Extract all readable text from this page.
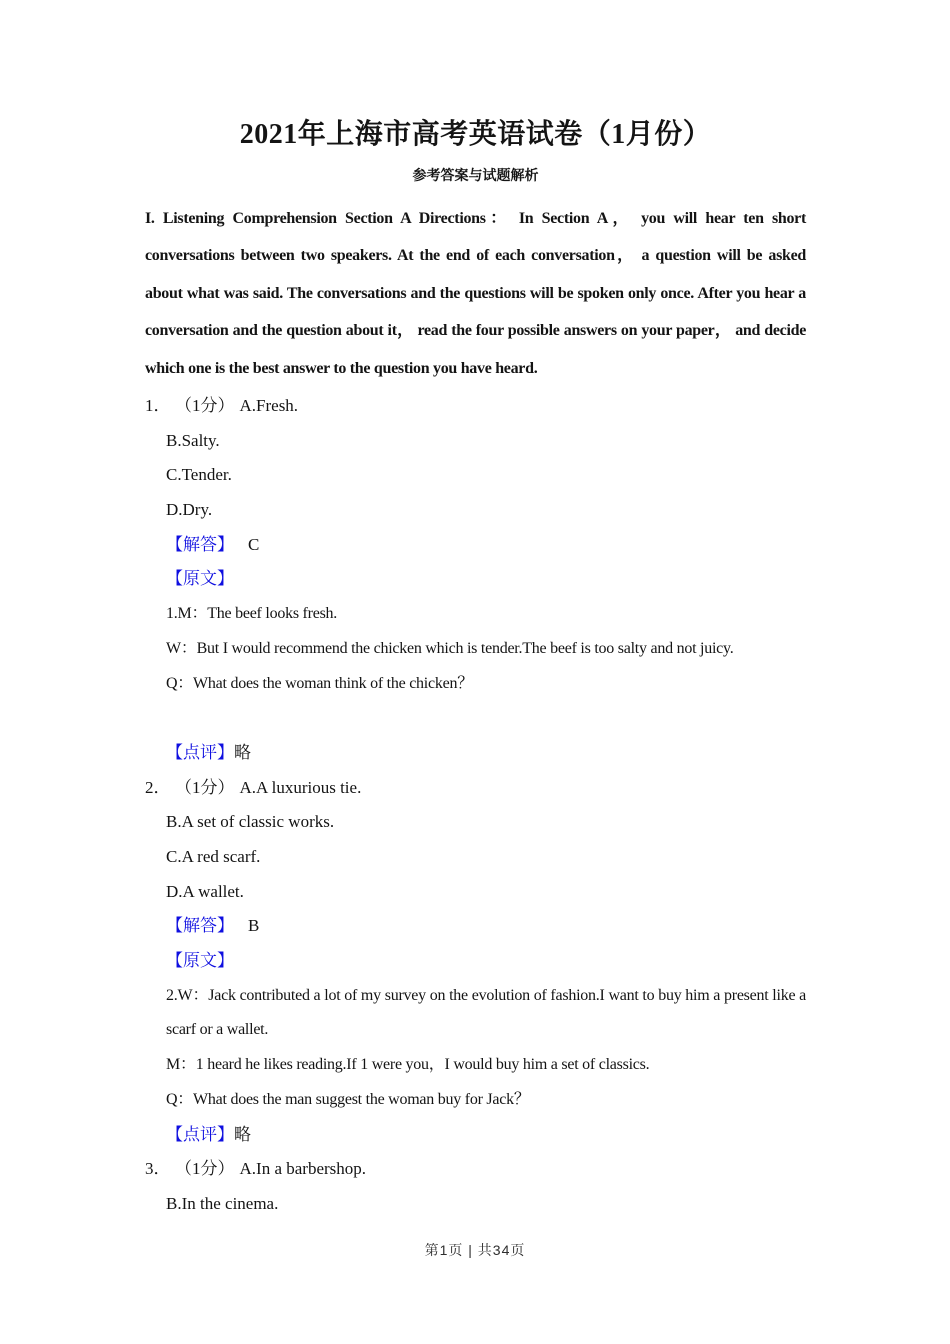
2021年上海市高考英语试卷（1月份）
参考答案与试题解析
I. Listening Comprehension Section A Directions： In Section A， you will hear ten short conversations between two speakers. At the end of each conversation， a question will be asked about what was said. The conversations and the questions will be spoken only once. After you hear a conversation and the question about it， read the four possible answers on your paper， and decide which one is the best answer to the question you have heard.
1． （1分） A.Fresh.
B.Salty.
C.Tender.
D.Dry.
【解答】 C
【原文】
1.M：The beef looks fresh.
W：But I would recommend the chicken which is tender.The beef is too salty and not juicy.
Q：What does the woman think of the chicken？
【点评】略
2． （1分） A.A luxurious tie.
B.A set of classic works.
C.A red scarf.
D.A wallet.
【解答】 B
【原文】
2.W：Jack contributed a lot of my survey on the evolution of fashion.I want to buy him a present like a scarf or a wallet.
M：1 heard he likes reading.If 1 were you，I would buy him a set of classics.
Q：What does the man suggest the woman buy for Jack？
【点评】略
3． （1分） A.In a barbershop.
B.In the cinema.
第1页 | 共34页
